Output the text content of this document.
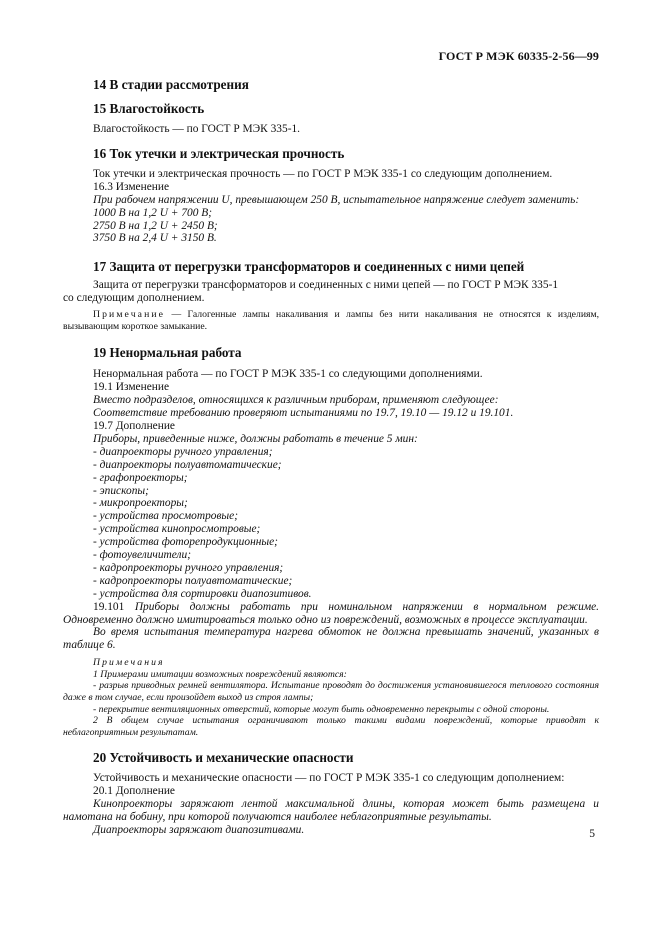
ГОСТ Р МЭК 60335-2-56—99
14 В стадии рассмотрения
15 Влагостойкость
Влагостойкость — по ГОСТ Р МЭК 335-1.
16 Ток утечки и электрическая прочность
Ток утечки и электрическая прочность — по ГОСТ Р МЭК 335-1 со следующим дополнением.
16.3 Изменение
При рабочем напряжении U, превышающем 250 В, испытательное напряжение следует заменить:
1000 В на 1,2 U + 700 В;
2750 В на 1,2 U + 2450 В;
3750 В на 2,4 U + 3150 В.
17 Защита от перегрузки трансформаторов и соединенных с ними цепей
Защита от перегрузки трансформаторов и соединенных с ними цепей — по ГОСТ Р МЭК 335-1
со следующим дополнением.
Примечание — Галогенные лампы накаливания и лампы без нити накаливания не относятся к изделиям, вызывающим короткое замыкание.
19 Ненормальная работа
Ненормальная работа — по ГОСТ Р МЭК 335-1 со следующими дополнениями.
19.1 Изменение
Вместо подразделов, относящихся к различным приборам, применяют следующее:
Соответствие требованию проверяют испытаниями по 19.7, 19.10 — 19.12 и 19.101.
19.7 Дополнение
Приборы, приведенные ниже, должны работать в течение 5 мин:
- диапроекторы ручного управления;
- диапроекторы полуавтоматические;
- графопроекторы;
- эпископы;
- микропроекторы;
- устройства просмотровые;
- устройства кинопросмотровые;
- устройства фоторепродукционные;
- фотоувеличители;
- кадропроекторы ручного управления;
- кадропроекторы полуавтоматические;
- устройства для сортировки диапозитивов.
19.101 Приборы должны работать при номинальном напряжении в нормальном режиме. Одновременно должно имитироваться только одно из повреждений, возможных в процессе эксплуатации.
Во время испытания температура нагрева обмоток не должна превышать значений, указанных в таблице 6.
Примечания
1 Примерами имитации возможных повреждений являются:
- разрыв приводных ремней вентилятора. Испытание проводят до достижения установившегося теплового состояния даже в том случае, если произойдет выход из строя лампы;
- перекрытие вентиляционных отверстий, которые могут быть одновременно перекрыты с одной стороны.
2 В общем случае испытания ограничивают только такими видами повреждений, которые приводят к неблагоприятным результатам.
20 Устойчивость и механические опасности
Устойчивость и механические опасности — по ГОСТ Р МЭК 335-1 со следующим дополнением:
20.1 Дополнение
Кинопроекторы заряжают лентой максимальной длины, которая может быть размещена и намотана на бобину, при которой получаются наиболее неблагоприятные результаты.
Диапроекторы заряжают диапозитивами.	5
